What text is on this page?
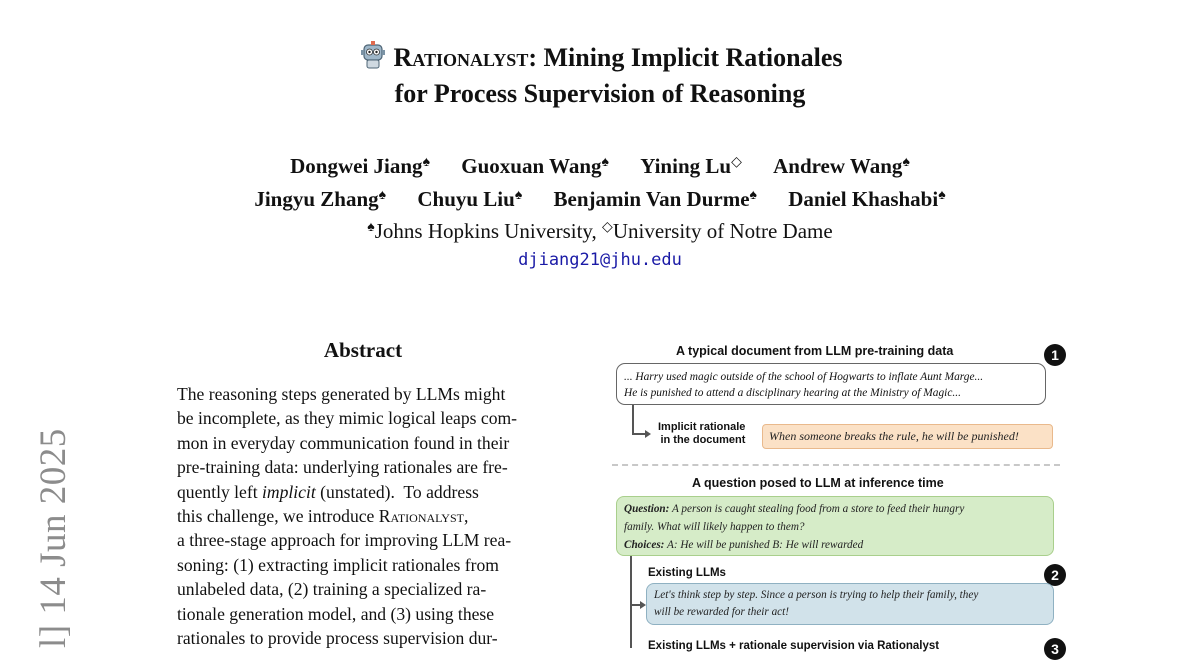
Rationalyst: Mining Implicit Rationales
for Process Supervision of Reasoning
Dongwei Jiang♠ Guoxuan Wang♠ Yining Lu◇ Andrew Wang♠
Jingyu Zhang♠ Chuyu Liu♠ Benjamin Van Durme♠ Daniel Khashabi♠
♠Johns Hopkins University, ◇University of Notre Dame
djiang21@jhu.edu
l] 14 Jun 2025
Abstract
The reasoning steps generated by LLMs might
be incomplete, as they mimic logical leaps com-
mon in everyday communication found in their
pre-training data: underlying rationales are fre-
quently left implicit (unstated).  To address
this challenge, we introduce Rationalyst,
a three-stage approach for improving LLM rea-
soning: (1) extracting implicit rationales from
unlabeled data, (2) training a specialized ra-
tionale generation model, and (3) using these
rationales to provide process supervision dur-
A typical document from LLM pre-training data	1
... Harry used magic outside of the school of Hogwarts to inflate Aunt Marge...
He is punished to attend a disciplinary hearing at the Ministry of Magic...
Implicit rationale
in the document	When someone breaks the rule, he will be punished!
A question posed to LLM at inference time
Question: A person is caught stealing food from a store to feed their hungry
family. What will likely happen to them?
Choices: A: He will be punished B: He will rewarded
Existing LLMs	2
Let's think step by step. Since a person is trying to help their family, they
will be rewarded for their act!
Existing LLMs + rationale supervision via Rationalyst	3
